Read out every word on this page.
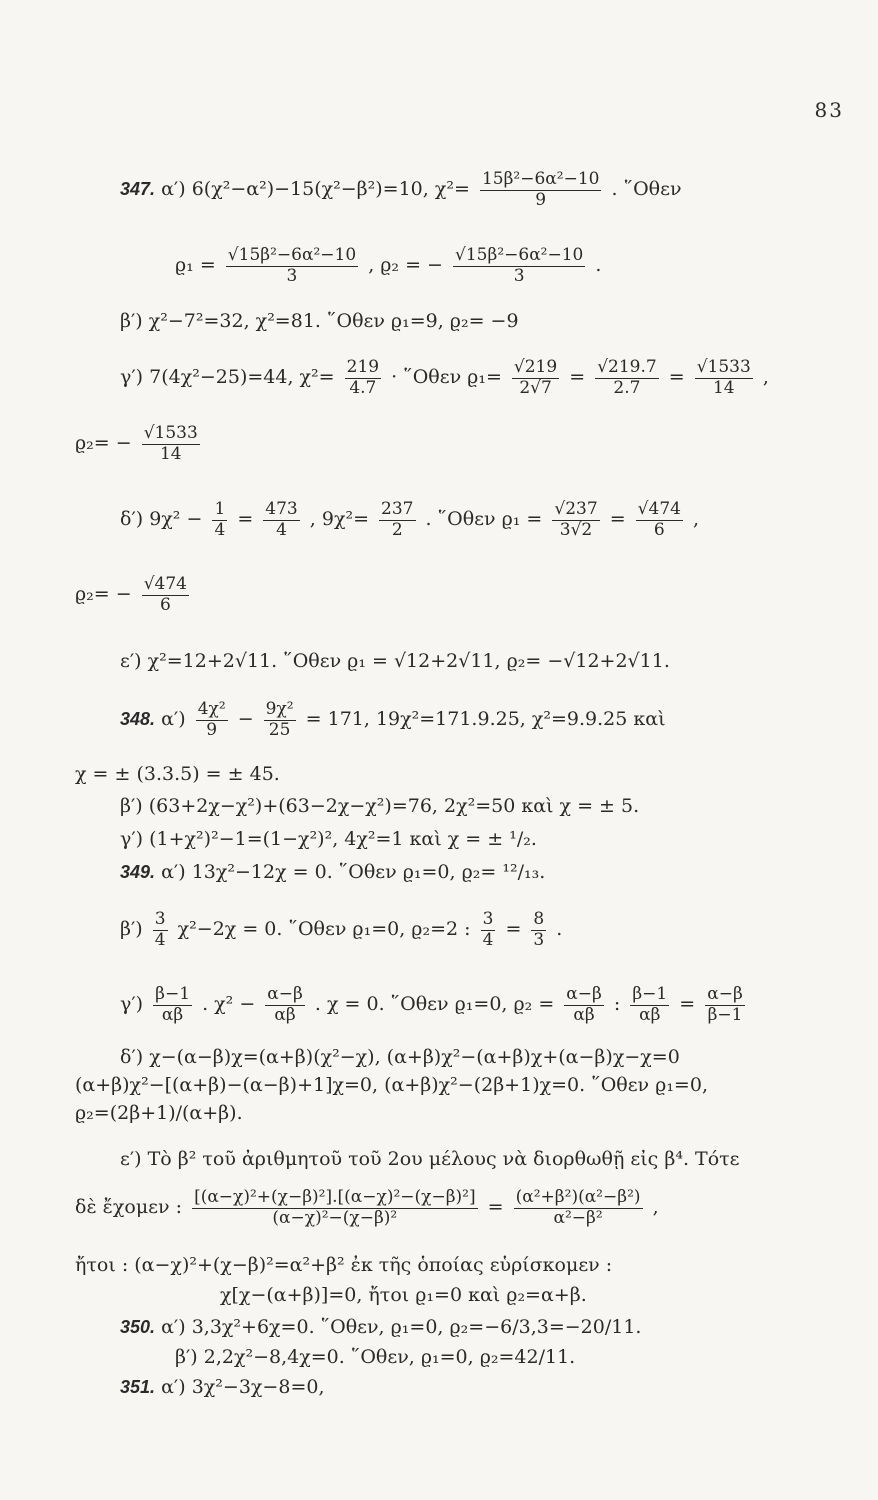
83
347. α′) 6(χ²−α²)−15(χ²−β²)=10, $\chi^2= \frac{\text{15β²−6α²−10}}{9}$ . ῞Οθεν
$ϱ_1 = \frac{\text{√15β²−6α²−10}}{3}$ , ϱ₂ = − $\frac{\text{√15β²−6α²−10}}{3}$ .
β′) χ²−7²=32, χ²=81. ῞Οθεν ϱ₁=9, ϱ₂= −9
γ′) 7(4χ²−25)=44, $\chi^2= \frac{219}{4.7}$ · ῞Οθεν $ϱ_1= \frac{√219}{2√7} = \frac{√219.7}{2.7} = \frac{√1533}{14}$ ,
$ϱ_2= - \frac{√1533}{14}$
δ′) $9\chi^2 - \frac{1}{4} = \frac{473}{4}$ , $9\chi^2= \frac{237}{2}$ . ῞Οθεν $ϱ_1 = \frac{√237}{3√2} = \frac{√474}{6}$ ,
$ϱ_2= - \frac{√474}{6}$
ε′) χ²=12+2√11. ῞Οθεν ϱ₁ = √12+2√11, ϱ₂= −√12+2√11.
348. $\alpha') \frac{\text{4χ²}}{9} - \frac{\text{9χ²}}{25} = 171$, 19χ²=171.9.25, χ²=9.9.25 καὶ
χ = ± (3.3.5) = ± 45.
β′) (63+2χ−χ²)+(63−2χ−χ²)=76, 2χ²=50 καὶ χ = ± 5.
γ′) (1+χ²)²−1=(1−χ²)², 4χ²=1 καὶ χ = ± ¹/₂.
349. α′) 13χ²−12χ = 0. ῞Οθεν ϱ₁=0, ϱ₂= ¹²/₁₃.
$\beta') \frac{3}{4} \chi^2-2\chi = 0$. ῞Οθεν ϱ₁=0, ϱ₂=2 : $\frac{3}{4} = \frac{8}{3}$ .
$\gamma') \frac{\beta-1}{\alpha\beta}$ . $\chi^2 - \frac{\alpha-\beta}{\alpha\beta}$ . χ = 0. ῞Οθεν ϱ₁=0, $ϱ_2 = \frac{\alpha-\beta}{\alpha\beta}$ : $\frac{\beta-1}{\alpha\beta} = \frac{\alpha-\beta}{\beta-1}$
δ′) χ−(α−β)χ=(α+β)(χ²−χ), (α+β)χ²−(α+β)χ+(α−β)χ−χ=0
(α+β)χ²−[(α+β)−(α−β)+1]χ=0, (α+β)χ²−(2β+1)χ=0. ῞Οθεν ϱ₁=0,
ϱ₂=(2β+1)/(α+β).
ε′) Τὸ β² τοῦ ἀριθμητοῦ τοῦ 2ου μέλους νὰ διορθωθῇ εἰς β⁴. Τότε
δὲ ἔχομεν : $\frac{\text{[(α−χ)²+(χ−β)²].[(α−χ)²−(χ−β)²]}}{\text{(α−χ)²−(χ−β)²}} = \frac{\text{(α²+β²)(α²−β²)}}{\text{α²−β²}}$ ,
ἤτοι : (α−χ)²+(χ−β)²=α²+β² ἐκ τῆς ὁποίας εὑρίσκομεν :
χ[χ−(α+β)]=0, ἤτοι ϱ₁=0 καὶ ϱ₂=α+β.
350. α′) 3,3χ²+6χ=0. ῞Οθεν, ϱ₁=0, ϱ₂=−6/3,3=−20/11.
β′) 2,2χ²−8,4χ=0. ῞Οθεν, ϱ₁=0, ϱ₂=42/11.
351. α′) 3χ²−3χ−8=0,
